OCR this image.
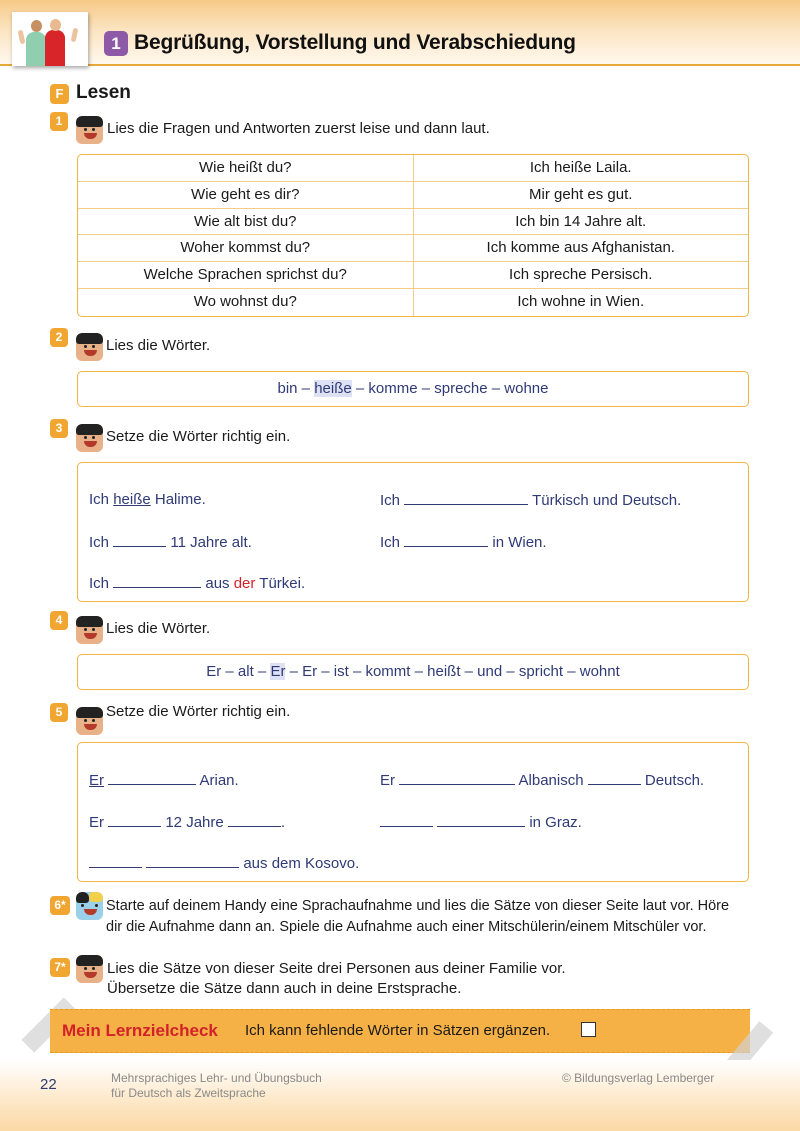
1 Begrüßung, Vorstellung und Verabschiedung
F Lesen
1	Lies die Fragen und Antworten zuerst leise und dann laut.
Wie heißt du?	Ich heiße Laila.
Wie geht es dir?	Mir geht es gut.
Wie alt bist du?	Ich bin 14 Jahre alt.
Woher kommst du?	Ich komme aus Afghanistan.
Welche Sprachen sprichst du?	Ich spreche Persisch.
Wo wohnst du?	Ich wohne in Wien.
2	Lies die Wörter.
bin – heiße – komme – spreche – wohne
3	Setze die Wörter richtig ein.
Ich heiße Halime.	Ich	Türkisch und Deutsch.
Ich	11 Jahre alt.	Ich	in Wien.
Ich	aus der Türkei.
4	Lies die Wörter.
Er – alt – Er – Er – ist – kommt – heißt – und – spricht – wohnt
5	Setze die Wörter richtig ein.
Er	Arian.	Er	Albanisch	Deutsch.
Er	12 Jahre	.	in Graz.
aus dem Kosovo.
6*	Starte auf deinem Handy eine Sprachaufnahme und lies die Sätze von dieser Seite laut vor. Höre
dir die Aufnahme dann an. Spiele die Aufnahme auch einer Mitschülerin/einem Mitschüler vor.
7*	Lies die Sätze von dieser Seite drei Personen aus deiner Familie vor.
Übersetze die Sätze dann auch in deine Erstsprache.
Mein Lernzielcheck Ich kann fehlende Wörter in Sätzen ergänzen.
22	Mehrsprachiges Lehr- und Übungsbuch
für Deutsch als Zweitsprache
© Bildungsverlag Lemberger
